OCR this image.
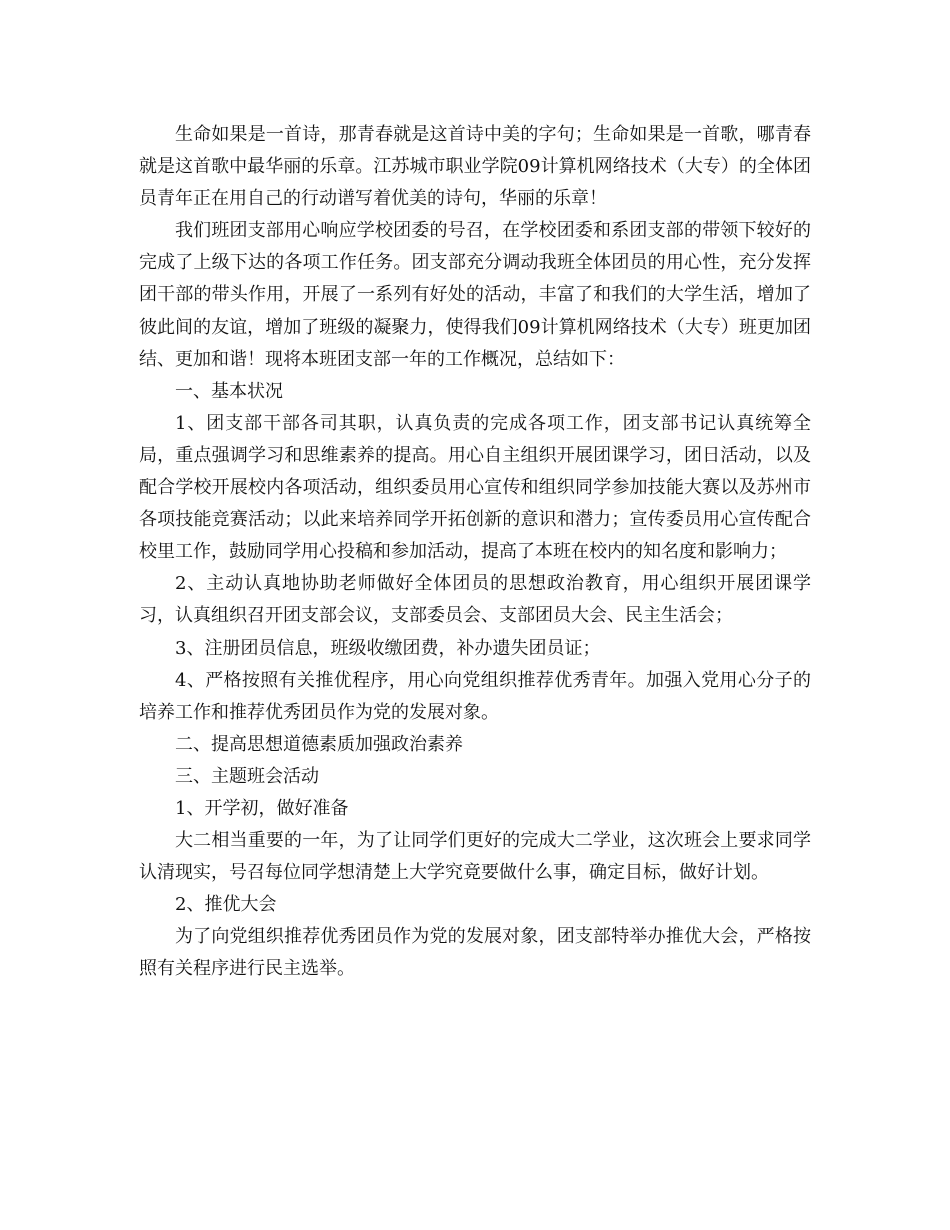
生命如果是一首诗，那青春就是这首诗中美的字句；生命如果是一首歌，哪青春就是这首歌中最华丽的乐章。江苏城市职业学院09计算机网络技术（大专）的全体团员青年正在用自己的行动谱写着优美的诗句，华丽的乐章！

我们班团支部用心响应学校团委的号召，在学校团委和系团支部的带领下较好的完成了上级下达的各项工作任务。团支部充分调动我班全体团员的用心性，充分发挥团干部的带头作用，开展了一系列有好处的活动，丰富了和我们的大学生活，增加了彼此间的友谊，增加了班级的凝聚力，使得我们09计算机网络技术（大专）班更加团结、更加和谐！现将本班团支部一年的工作概况，总结如下：

一、基本状况

1、团支部干部各司其职，认真负责的完成各项工作，团支部书记认真统筹全局，重点强调学习和思维素养的提高。用心自主组织开展团课学习，团日活动，以及配合学校开展校内各项活动，组织委员用心宣传和组织同学参加技能大赛以及苏州市各项技能竞赛活动；以此来培养同学开拓创新的意识和潜力；宣传委员用心宣传配合校里工作，鼓励同学用心投稿和参加活动，提高了本班在校内的知名度和影响力；

2、主动认真地协助老师做好全体团员的思想政治教育，用心组织开展团课学习，认真组织召开团支部会议，支部委员会、支部团员大会、民主生活会；

3、注册团员信息，班级收缴团费，补办遗失团员证；

4、严格按照有关推优程序，用心向党组织推荐优秀青年。加强入党用心分子的培养工作和推荐优秀团员作为党的发展对象。

二、提高思想道德素质加强政治素养

三、主题班会活动

1、开学初，做好准备

大二相当重要的一年，为了让同学们更好的完成大二学业，这次班会上要求同学认清现实，号召每位同学想清楚上大学究竟要做什么事，确定目标，做好计划。

2、推优大会

为了向党组织推荐优秀团员作为党的发展对象，团支部特举办推优大会，严格按照有关程序进行民主选举。
